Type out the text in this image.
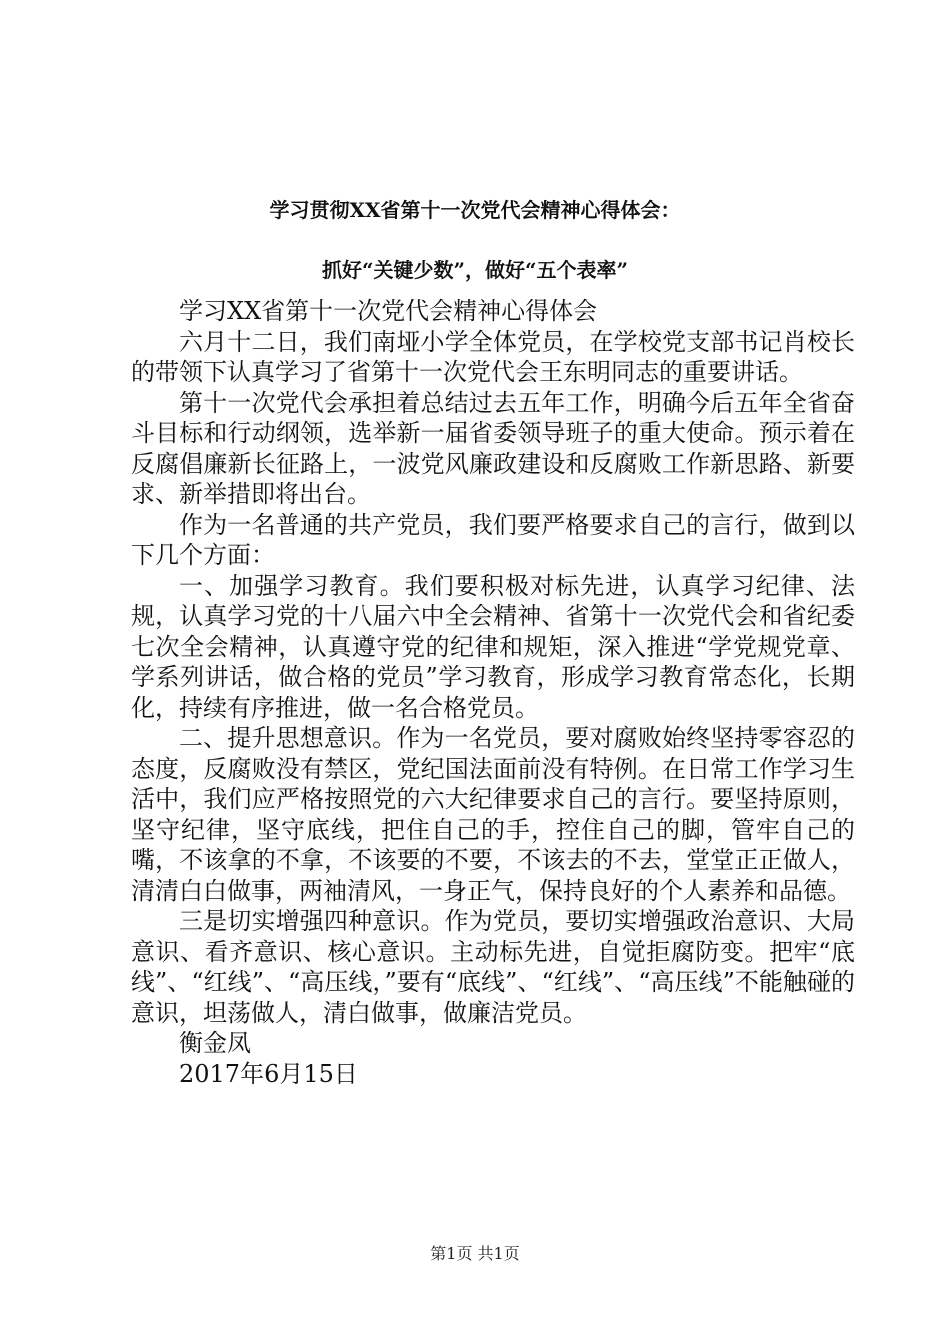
学习贯彻XX省第十一次党代会精神心得体会：
抓好“关键少数”，做好“五个表率”

学习XX省第十一次党代会精神心得体会

六月十二日，我们南垭小学全体党员，在学校党支部书记肖校长的带领下认真学习了省第十一次党代会王东明同志的重要讲话。

第十一次党代会承担着总结过去五年工作，明确今后五年全省奋斗目标和行动纲领，选举新一届省委领导班子的重大使命。预示着在反腐倡廉新长征路上，一波党风廉政建设和反腐败工作新思路、新要求、新举措即将出台。

作为一名普通的共产党员，我们要严格要求自己的言行，做到以下几个方面：

一、加强学习教育。我们要积极对标先进，认真学习纪律、法规，认真学习党的十八届六中全会精神、省第十一次党代会和省纪委七次全会精神，认真遵守党的纪律和规矩，深入推进“学党规党章、学系列讲话，做合格的党员”学习教育，形成学习教育常态化，长期化，持续有序推进，做一名合格党员。

二、提升思想意识。作为一名党员，要对腐败始终坚持零容忍的态度，反腐败没有禁区，党纪国法面前没有特例。在日常工作学习生活中，我们应严格按照党的六大纪律要求自己的言行。要坚持原则，坚守纪律，坚守底线，把住自己的手，控住自己的脚，管牢自己的嘴，不该拿的不拿，不该要的不要，不该去的不去，堂堂正正做人，清清白白做事，两袖清风，一身正气，保持良好的个人素养和品德。

三是切实增强四种意识。作为党员，要切实增强政治意识、大局意识、看齐意识、核心意识。主动标先进，自觉拒腐防变。把牢“底线”、“红线”、“高压线，”要有“底线”、“红线”、“高压线”不能触碰的意识，坦荡做人，清白做事，做廉洁党员。

衡金凤

2017年6月15日

第1页 共1页
